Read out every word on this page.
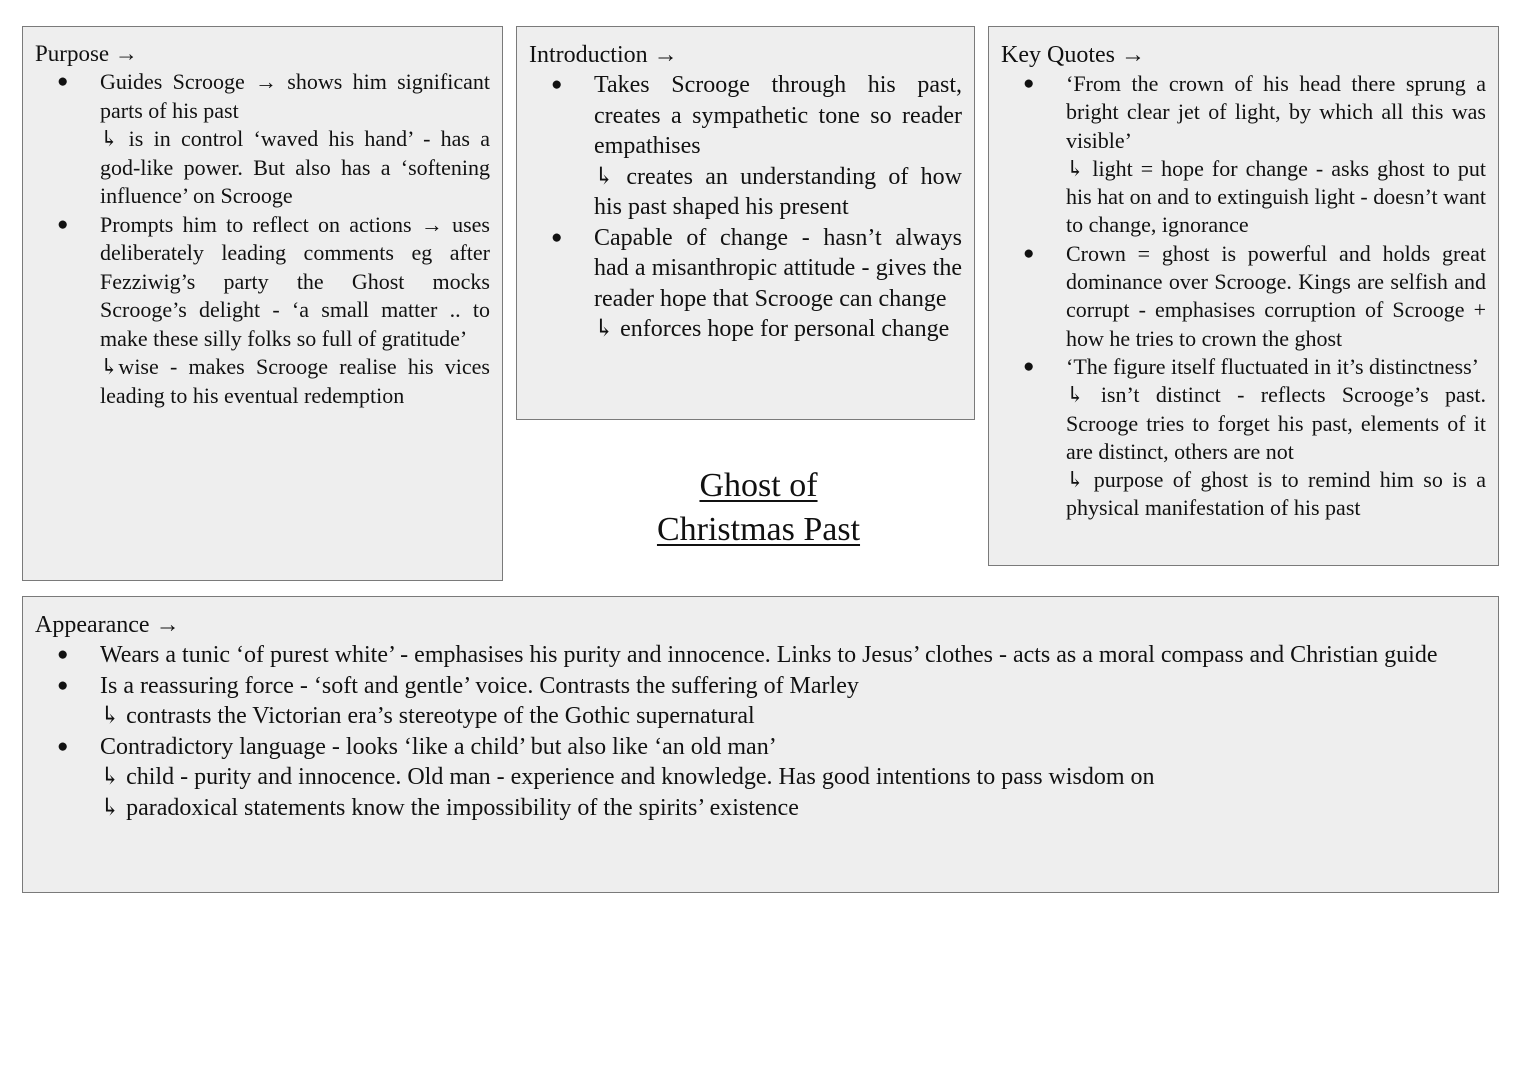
Purpose →
● Guides Scrooge → shows him significant parts of his past
↳ is in control ‘waved his hand’ - has a god-like power. But also has a ‘softening influence’ on Scrooge
● Prompts him to reflect on actions → uses deliberately leading comments eg after Fezziwig’s party the Ghost mocks Scrooge’s delight - ‘a small matter .. to make these silly folks so full of gratitude’
↳wise - makes Scrooge realise his vices leading to his eventual redemption
Introduction →
● Takes Scrooge through his past, creates a sympathetic tone so reader empathises
↳ creates an understanding of how his past shaped his present
● Capable of change - hasn’t always had a misanthropic attitude - gives the reader hope that Scrooge can change
↳ enforces hope for personal change
Ghost of
Christmas Past
Key Quotes →
● ‘From the crown of his head there sprung a bright clear jet of light, by which all this was visible’
↳ light = hope for change - asks ghost to put his hat on and to extinguish light - doesn’t want to change, ignorance
● Crown = ghost is powerful and holds great dominance over Scrooge. Kings are selfish and corrupt - emphasises corruption of Scrooge + how he tries to crown the ghost
● ‘The figure itself fluctuated in it’s distinctness’
↳ isn’t distinct - reflects Scrooge’s past. Scrooge tries to forget his past, elements of it are distinct, others are not
↳ purpose of ghost is to remind him so is a physical manifestation of his past
Appearance →
● Wears a tunic ‘of purest white’ - emphasises his purity and innocence. Links to Jesus’ clothes - acts as a moral compass and Christian guide
● Is a reassuring force - ‘soft and gentle’ voice. Contrasts the suffering of Marley
↳ contrasts the Victorian era’s stereotype of the Gothic supernatural
● Contradictory language - looks ‘like a child’ but also like ‘an old man’
↳ child - purity and innocence. Old man - experience and knowledge. Has good intentions to pass wisdom on
↳ paradoxical statements know the impossibility of the spirits’ existence
